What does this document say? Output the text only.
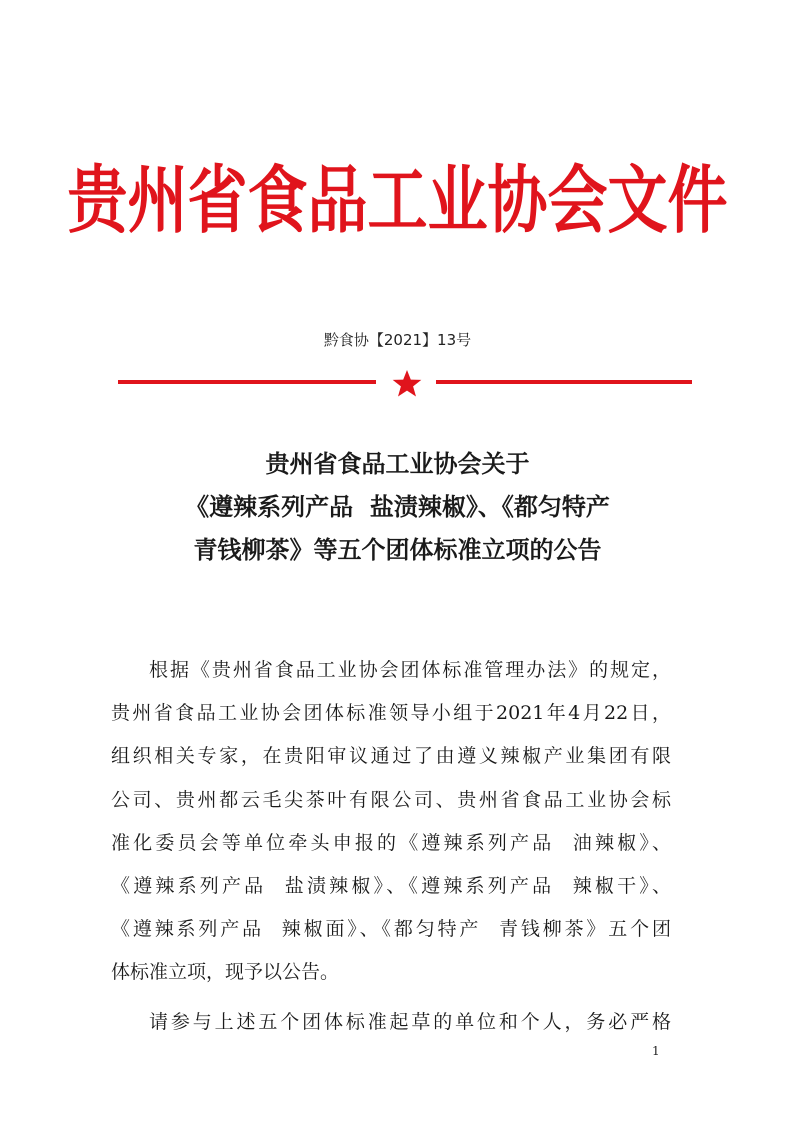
贵州省食品工业协会文件
黔食协【2021】13号
贵州省食品工业协会关于
《遵辣系列产品  盐渍辣椒》、《都匀特产
青钱柳茶》等五个团体标准立项的公告
根据《贵州省食品工业协会团体标准管理办法》的规定，
贵州省食品工业协会团体标准领导小组于2021年4月22日，
组织相关专家，在贵阳审议通过了由遵义辣椒产业集团有限
公司、贵州都云毛尖茶叶有限公司、贵州省食品工业协会标
准化委员会等单位牵头申报的《遵辣系列产品  油辣椒》、
《遵辣系列产品  盐渍辣椒》、《遵辣系列产品  辣椒干》、
《遵辣系列产品  辣椒面》、《都匀特产  青钱柳茶》五个团
体标准立项，现予以公告。
请参与上述五个团体标准起草的单位和个人，务必严格
1
